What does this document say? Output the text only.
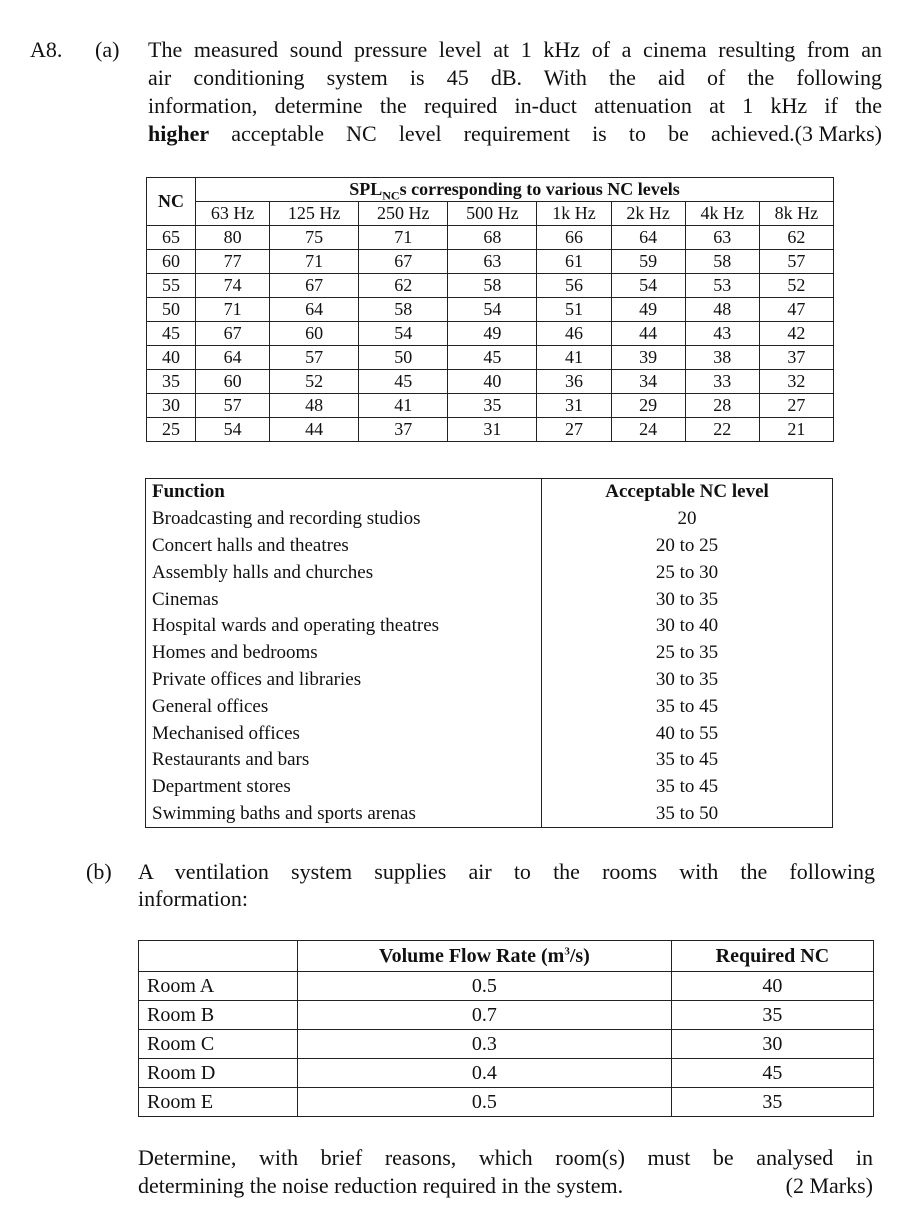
A8. (a) The measured sound pressure level at 1 kHz of a cinema resulting from an
air conditioning system is 45 dB. With the aid of the following
information, determine the required in-duct attenuation at 1 kHz if the
higher acceptable NC level requirement is to be achieved. (3 Marks)
NC	$SPL_{NC}s$ corresponding to various NC levels							
	63 Hz	125 Hz	250 Hz	500 Hz	1k Hz	2k Hz	4k Hz	8k Hz
65	80	75	71	68	66	64	63	62
60	77	71	67	63	61	59	58	57
55	74	67	62	58	56	54	53	52
50	71	64	58	54	51	49	48	47
45	67	60	54	49	46	44	43	42
40	64	57	50	45	41	39	38	37
35	60	52	45	40	36	34	33	32
30	57	48	41	35	31	29	28	27
25	54	44	37	31	27	24	22	21
Function	Acceptable NC level
Broadcasting and recording studios	20
Concert halls and theatres	20 to 25
Assembly halls and churches	25 to 30
Cinemas	30 to 35
Hospital wards and operating theatres	30 to 40
Homes and bedrooms	25 to 35
Private offices and libraries	30 to 35
General offices	35 to 45
Mechanised offices	40 to 55
Restaurants and bars	35 to 45
Department stores	35 to 45
Swimming baths and sports arenas	35 to 50
(b) A ventilation system supplies air to the rooms with the following
information:
	Volume Flow Rate $(m^3/s)$	Required NC
Room A	0.5	40
Room B	0.7	35
Room C	0.3	30
Room D	0.4	45
Room E	0.5	35
Determine, with brief reasons, which room(s) must be analysed in
determining the noise reduction required in the system.	(2 Marks)
